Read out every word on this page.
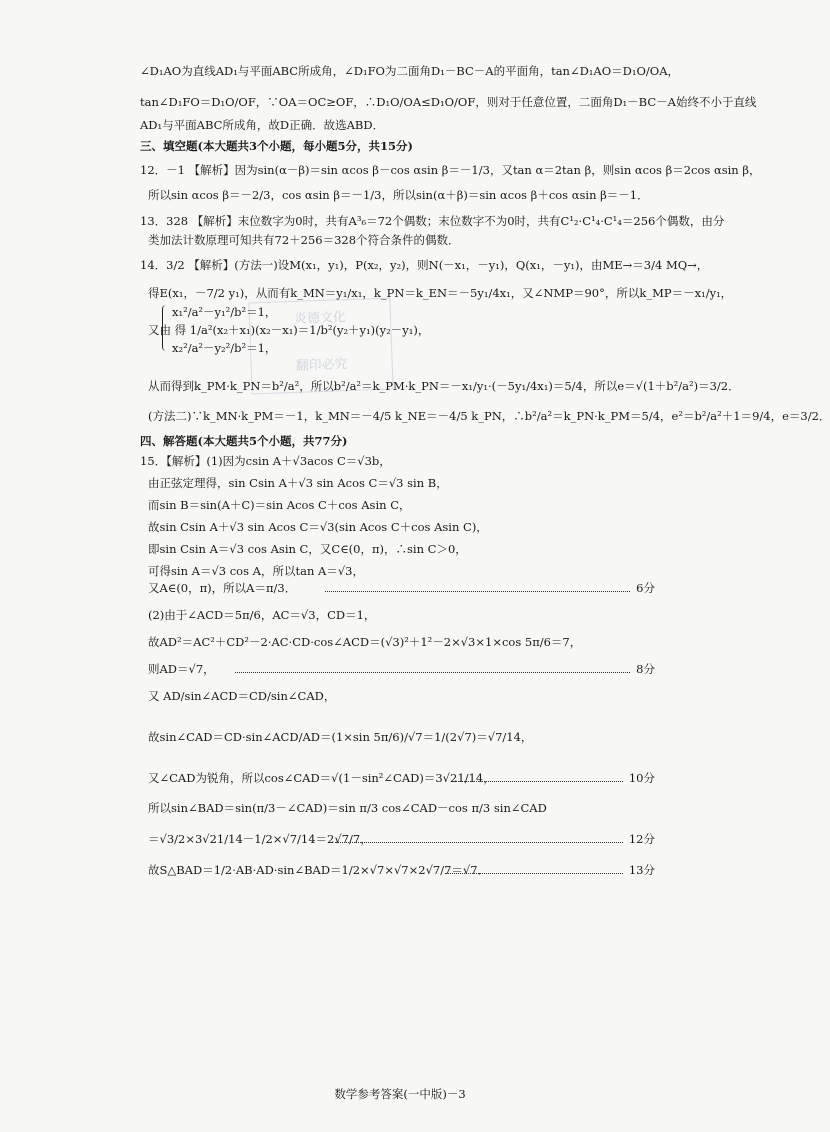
∠D₁AO为直线AD₁与平面ABC所成角，∠D₁FO为二面角D₁－BC－A的平面角，tan∠D₁AO＝D₁O/OA，
tan∠D₁FO＝D₁O/OF，∵OA＝OC≥OF，∴D₁O/OA≤D₁O/OF，则对于任意位置，二面角D₁－BC－A始终不小于直线
AD₁与平面ABC所成角，故D正确．故选ABD．
三、填空题(本大题共3个小题，每小题5分，共15分)
12．－1 【解析】因为sin(α－β)＝sin αcos β－cos αsin β＝－1/3，又tan α＝2tan β，则sin αcos β＝2cos αsin β，
所以sin αcos β＝－2/3，cos αsin β＝－1/3，所以sin(α＋β)＝sin αcos β＋cos αsin β＝－1．
13．328 【解析】末位数字为0时，共有A³₆＝72个偶数；末位数字不为0时，共有C¹₂·C¹₄·C¹₄＝256个偶数，由分
类加法计数原理可知共有72＋256＝328个符合条件的偶数．
14．3/2 【解析】(方法一)设M(x₁，y₁)，P(x₂，y₂)，则N(－x₁，－y₁)，Q(x₁，－y₁)，由ME→＝3/4 MQ→，
得E(x₁，－7/2 y₁)，从而有k_MN＝y₁/x₁，k_PN＝k_EN＝－5y₁/4x₁，又∠NMP＝90°，所以k_MP＝－x₁/y₁，
x₁²/a²－y₁²/b²＝1，
又由 得 1/a²(x₂＋x₁)(x₂－x₁)＝1/b²(y₂＋y₁)(y₂－y₁)，
x₂²/a²－y₂²/b²＝1，
炎德文化
翻印必究
从而得到k_PM·k_PN＝b²/a²，所以b²/a²＝k_PM·k_PN＝－x₁/y₁·(－5y₁/4x₁)＝5/4，所以e＝√(1＋b²/a²)＝3/2．
(方法二)∵k_MN·k_PM＝－1，k_MN＝－4/5 k_NE＝－4/5 k_PN，∴b²/a²＝k_PN·k_PM＝5/4，e²＝b²/a²＋1＝9/4，e＝3/2．
四、解答题(本大题共5个小题，共77分)
15．【解析】(1)因为csin A＋√3acos C＝√3b，
由正弦定理得，sin Csin A＋√3 sin Acos C＝√3 sin B，
而sin B＝sin(A＋C)＝sin Acos C＋cos Asin C，
故sin Csin A＋√3 sin Acos C＝√3(sin Acos C＋cos Asin C)，
即sin Csin A＝√3 cos Asin C，又C∈(0，π)，∴sin C＞0，
可得sin A＝√3 cos A，所以tan A＝√3，
又A∈(0，π)，所以A＝π/3．	6分
(2)由于∠ACD＝5π/6，AC＝√3，CD＝1，
故AD²＝AC²＋CD²－2·AC·CD·cos∠ACD＝(√3)²＋1²－2×√3×1×cos 5π/6＝7，
则AD＝√7，	8分
又 AD/sin∠ACD＝CD/sin∠CAD，
故sin∠CAD＝CD·sin∠ACD/AD＝(1×sin 5π/6)/√7＝1/(2√7)＝√7/14，
又∠CAD为锐角，所以cos∠CAD＝√(1－sin²∠CAD)＝3√21/14，	10分
所以sin∠BAD＝sin(π/3－∠CAD)＝sin π/3 cos∠CAD－cos π/3 sin∠CAD
＝√3/2×3√21/14－1/2×√7/14＝2√7/7，	12分
故S△BAD＝1/2·AB·AD·sin∠BAD＝1/2×√7×√7×2√7/7＝√7．	13分
数学参考答案(一中版)－3
